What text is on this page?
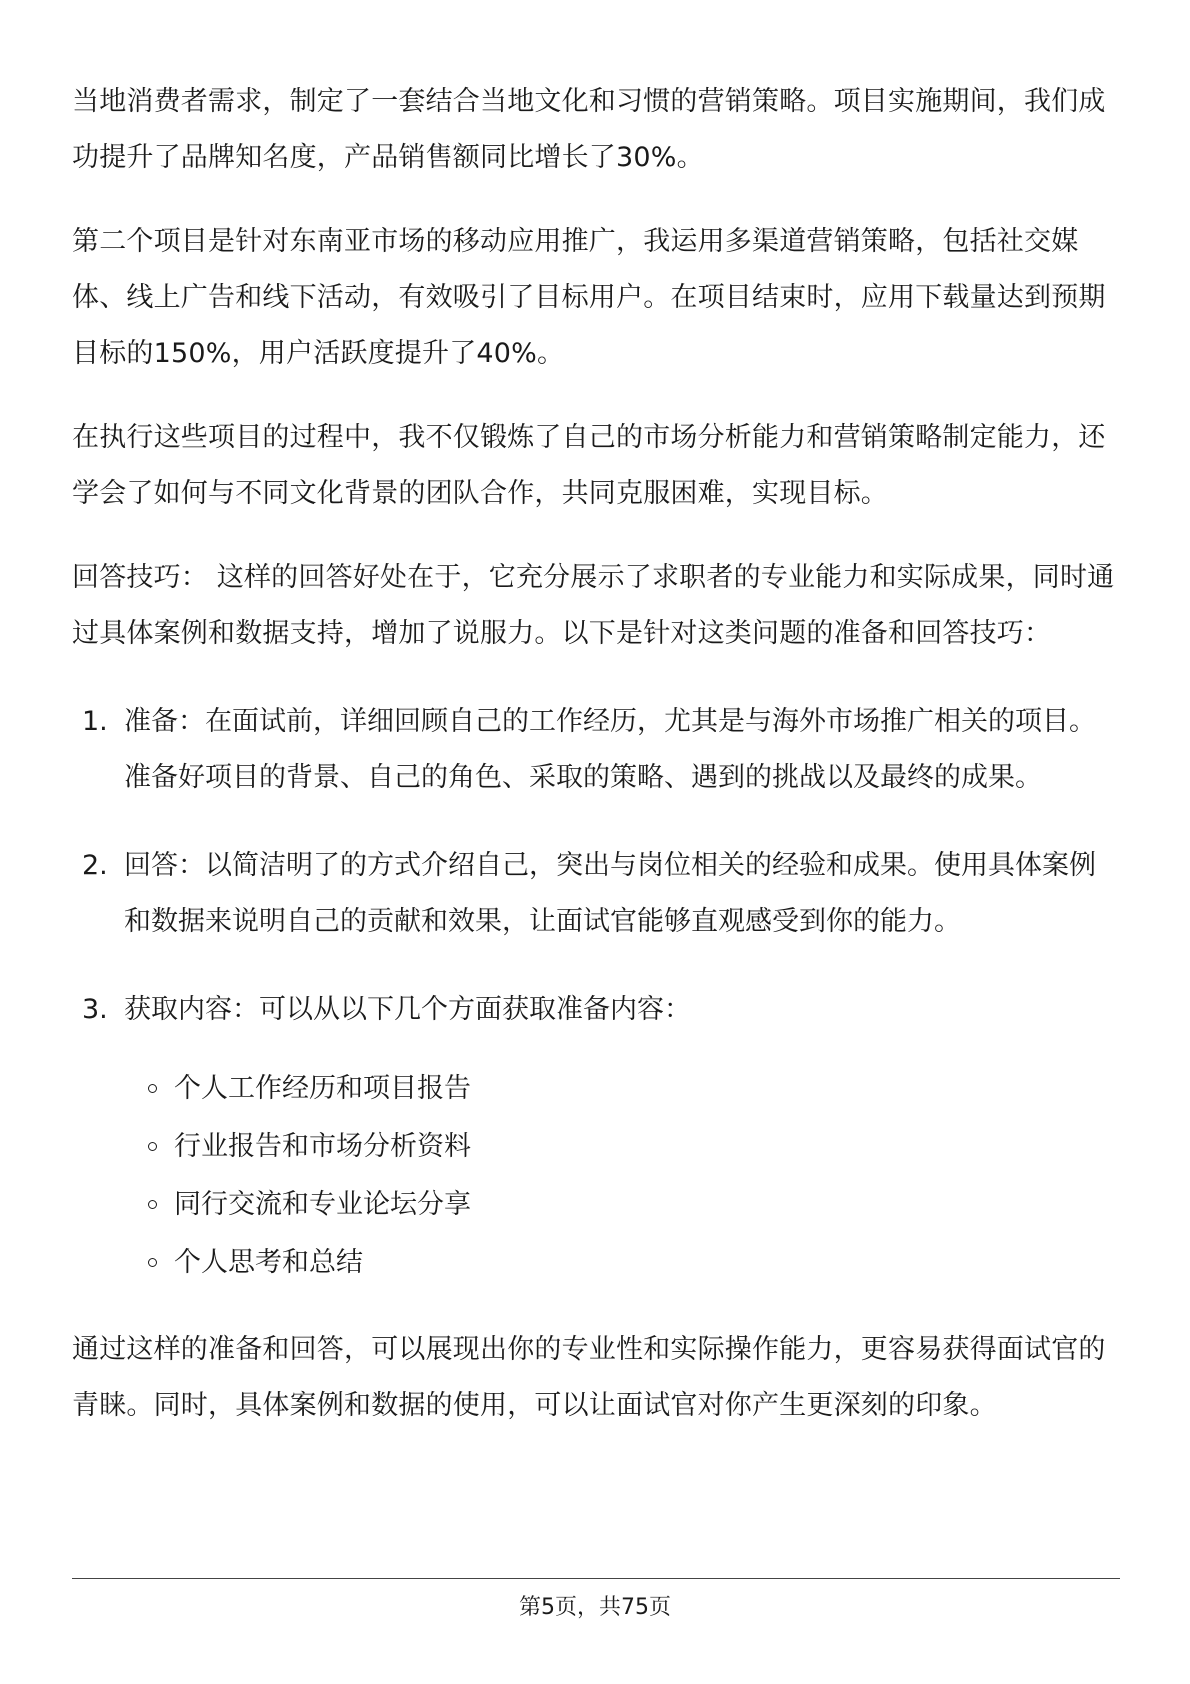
当地消费者需求，制定了一套结合当地文化和习惯的营销策略。项目实施期间，我们成功提升了品牌知名度，产品销售额同比增长了30%。

第二个项目是针对东南亚市场的移动应用推广，我运用多渠道营销策略，包括社交媒体、线上广告和线下活动，有效吸引了目标用户。在项目结束时，应用下载量达到预期目标的150%，用户活跃度提升了40%。

在执行这些项目的过程中，我不仅锻炼了自己的市场分析能力和营销策略制定能力，还学会了如何与不同文化背景的团队合作，共同克服困难，实现目标。

回答技巧： 这样的回答好处在于，它充分展示了求职者的专业能力和实际成果，同时通过具体案例和数据支持，增加了说服力。以下是针对这类问题的准备和回答技巧：

1. 准备：在面试前，详细回顾自己的工作经历，尤其是与海外市场推广相关的项目。准备好项目的背景、自己的角色、采取的策略、遇到的挑战以及最终的成果。
2. 回答：以简洁明了的方式介绍自己，突出与岗位相关的经验和成果。使用具体案例和数据来说明自己的贡献和效果，让面试官能够直观感受到你的能力。
3. 获取内容：可以从以下几个方面获取准备内容：
个人工作经历和项目报告
行业报告和市场分析资料
同行交流和专业论坛分享
个人思考和总结

通过这样的准备和回答，可以展现出你的专业性和实际操作能力，更容易获得面试官的青睐。同时，具体案例和数据的使用，可以让面试官对你产生更深刻的印象。

第5页，共75页
